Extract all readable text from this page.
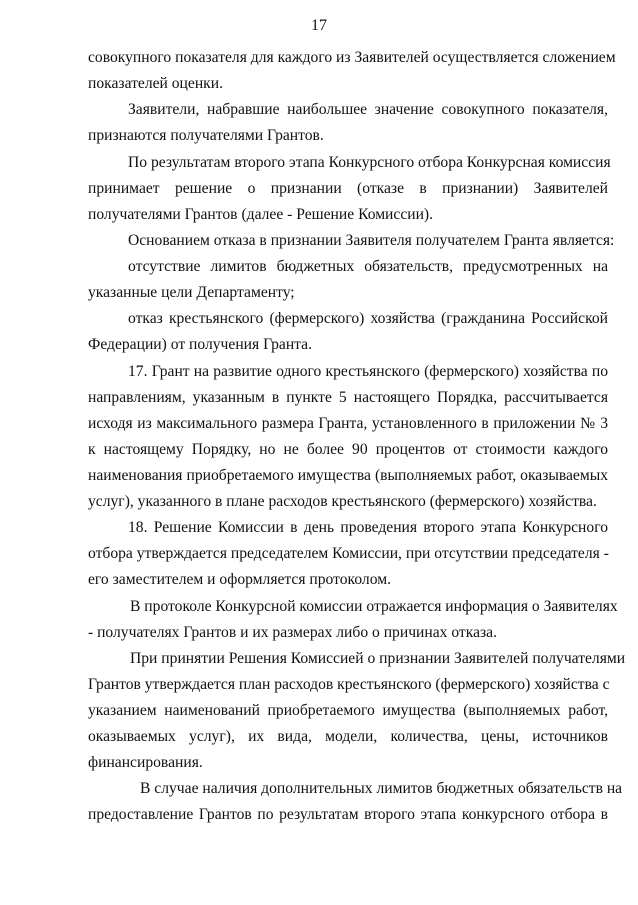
17
совокупного показателя для каждого из Заявителей осуществляется сложением
показателей оценки.
Заявители, набравшие наибольшее значение совокупного показателя,
признаются получателями Грантов.
По результатам второго этапа Конкурсного отбора Конкурсная комиссия
принимает решение о признании (отказе в признании) Заявителей
получателями Грантов (далее - Решение Комиссии).
Основанием отказа в признании Заявителя получателем Гранта является:
отсутствие лимитов бюджетных обязательств, предусмотренных на
указанные цели Департаменту;
отказ крестьянского (фермерского) хозяйства (гражданина Российской
Федерации) от получения Гранта.
17. Грант на развитие одного крестьянского (фермерского) хозяйства по
направлениям, указанным в пункте 5 настоящего Порядка, рассчитывается
исходя из максимального размера Гранта, установленного в приложении № 3
к настоящему Порядку, но не более 90 процентов от стоимости каждого
наименования приобретаемого имущества (выполняемых работ, оказываемых
услуг), указанного в плане расходов крестьянского (фермерского) хозяйства.
18. Решение Комиссии в день проведения второго этапа Конкурсного
отбора утверждается председателем Комиссии, при отсутствии председателя -
его заместителем и оформляется протоколом.
В протоколе Конкурсной комиссии отражается информация о Заявителях
- получателях Грантов и их размерах либо о причинах отказа.
При принятии Решения Комиссией о признании Заявителей получателями
Грантов утверждается план расходов крестьянского (фермерского) хозяйства с
указанием наименований приобретаемого имущества (выполняемых работ,
оказываемых услуг), их вида, модели, количества, цены, источников
финансирования.
В случае наличия дополнительных лимитов бюджетных обязательств на
предоставление Грантов по результатам второго этапа конкурсного отбора в
